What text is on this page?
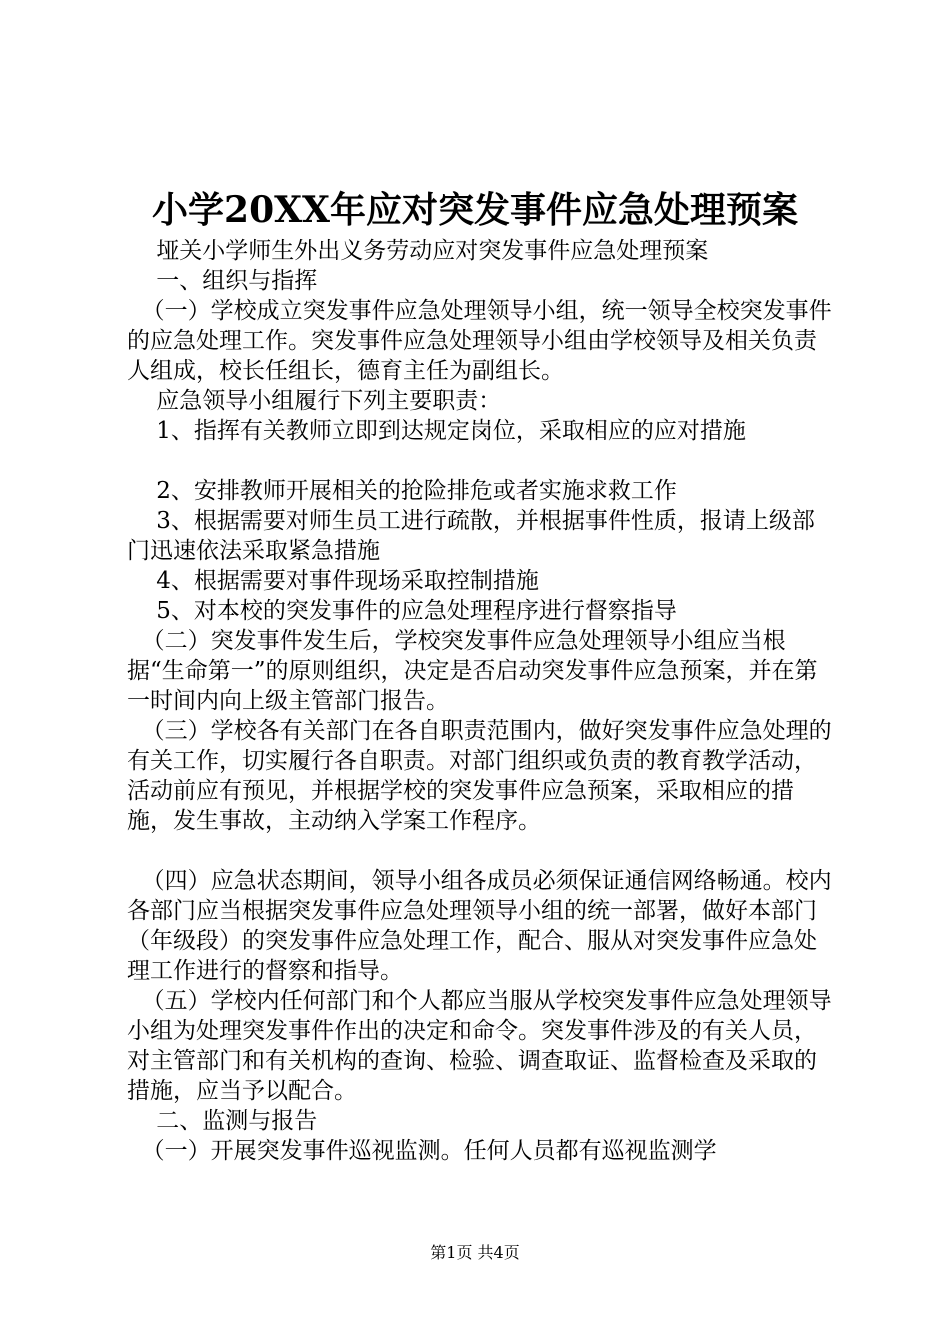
小学20XX年应对突发事件应急处理预案

垭关小学师生外出义务劳动应对突发事件应急处理预案

一、组织与指挥

（一）学校成立突发事件应急处理领导小组，统一领导全校突发事件的应急处理工作。突发事件应急处理领导小组由学校领导及相关负责人组成，校长任组长，德育主任为副组长。

应急领导小组履行下列主要职责：

1、指挥有关教师立即到达规定岗位，采取相应的应对措施

2、安排教师开展相关的抢险排危或者实施求救工作

3、根据需要对师生员工进行疏散，并根据事件性质，报请上级部门迅速依法采取紧急措施

4、根据需要对事件现场采取控制措施

5、对本校的突发事件的应急处理程序进行督察指导

（二）突发事件发生后，学校突发事件应急处理领导小组应当根据“生命第一”的原则组织，决定是否启动突发事件应急预案，并在第一时间内向上级主管部门报告。

（三）学校各有关部门在各自职责范围内，做好突发事件应急处理的有关工作，切实履行各自职责。对部门组织或负责的教育教学活动，活动前应有预见，并根据学校的突发事件应急预案，采取相应的措施，发生事故，主动纳入学案工作程序。

（四）应急状态期间，领导小组各成员必须保证通信网络畅通。校内各部门应当根据突发事件应急处理领导小组的统一部署，做好本部门（年级段）的突发事件应急处理工作，配合、服从对突发事件应急处理工作进行的督察和指导。

（五）学校内任何部门和个人都应当服从学校突发事件应急处理领导小组为处理突发事件作出的决定和命令。突发事件涉及的有关人员，对主管部门和有关机构的查询、检验、调查取证、监督检查及采取的措施，应当予以配合。

二、监测与报告

（一）开展突发事件巡视监测。任何人员都有巡视监测学

第1页 共4页
